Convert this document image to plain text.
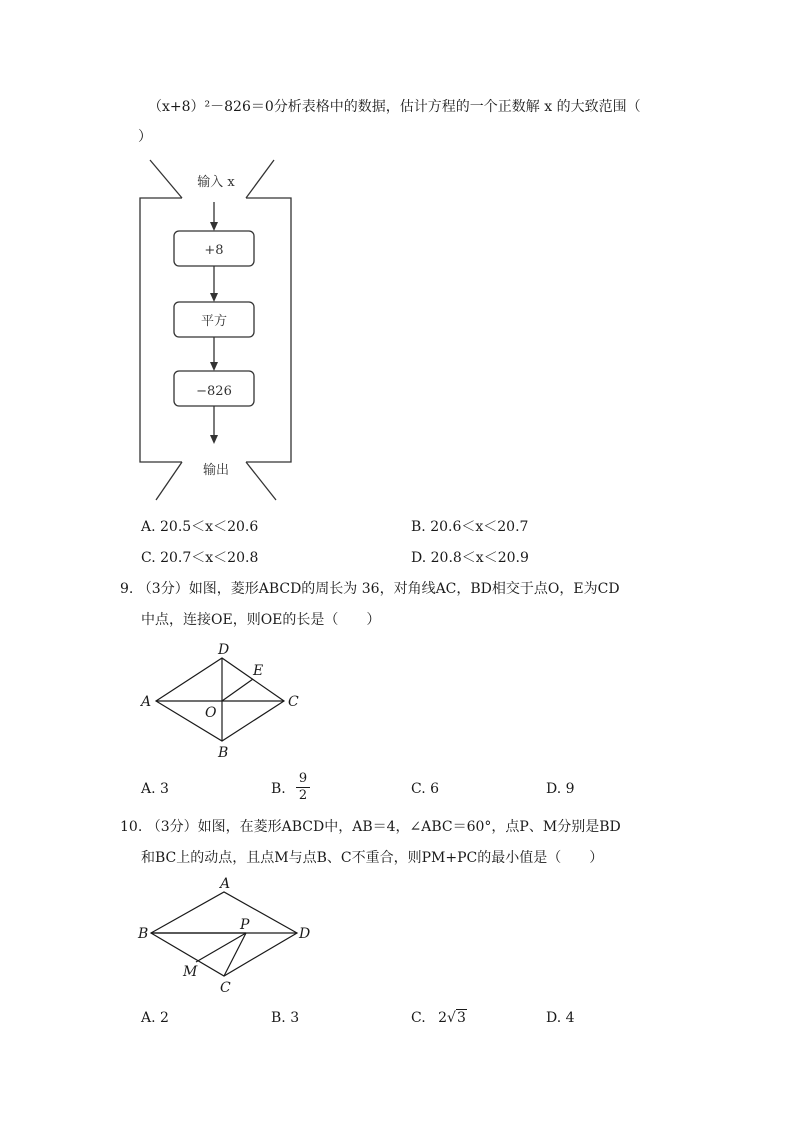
（x+8）²－826＝0分析表格中的数据，估计方程的一个正数解 x 的大致范围（
）
输入 x
+8
平方
−826
输出
A
D
E
C
O
B
A
B
P
D
M
C
A. 20.5＜x＜20.6	B. 20.6＜x＜20.7
C. 20.7＜x＜20.8	D. 20.8＜x＜20.9
9. （3分）如图，菱形ABCD的周长为 36，对角线AC，BD相交于点O，E为CD
中点，连接OE，则OE的长是（　　）
A. 3	B.
9
2	C. 6	D. 9
10. （3分）如图，在菱形ABCD中，AB＝4，∠ABC＝60°，点P、M分别是BD
和BC上的动点，且点M与点B、C不重合，则PM+PC的最小值是（　　）
A. 2	B. 3	C. 2√3	D. 4
